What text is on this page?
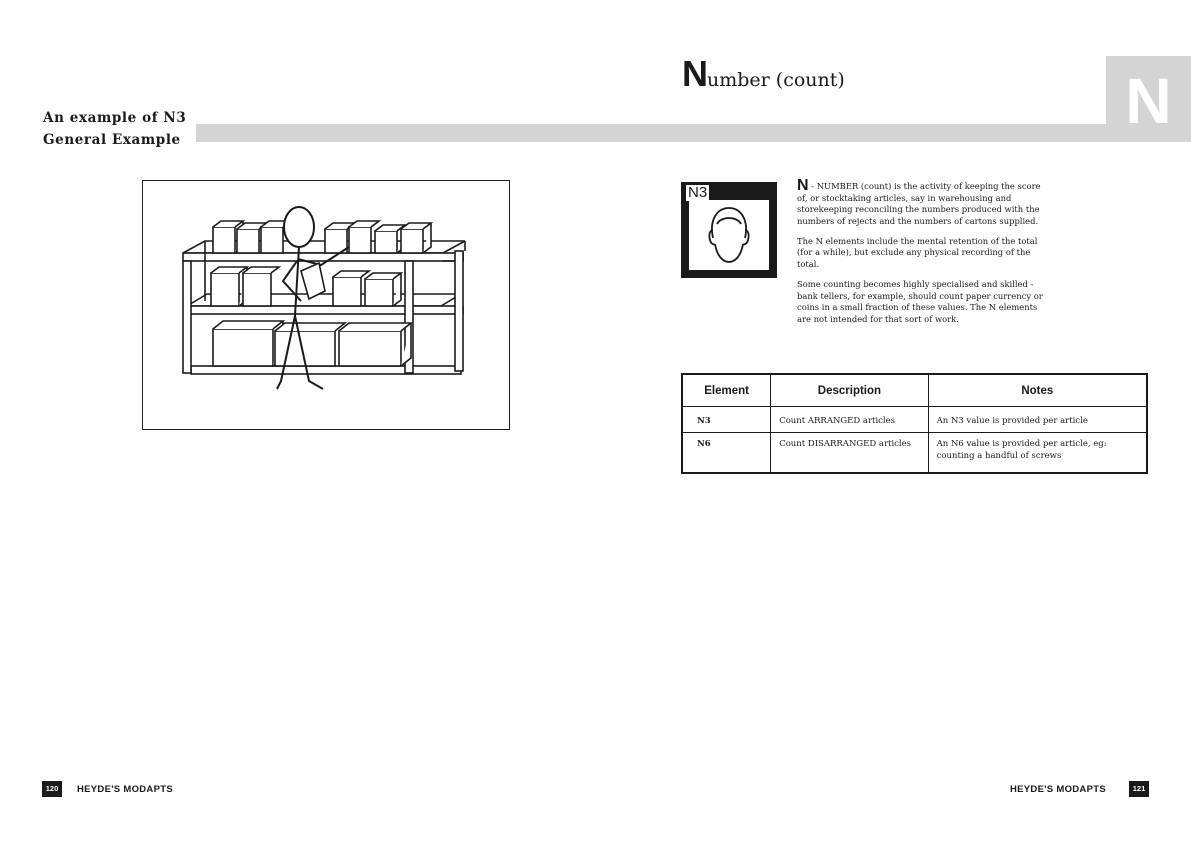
N
An example of N3
General Example
Number (count)
N3	N - NUMBER (count) is the activity of keeping the score of, or stocktaking articles, say in warehousing and storekeeping reconciling the numbers produced with the numbers of rejects and the numbers of cartons supplied.

The N elements include the mental retention of the total (for a while), but exclude any physical recording of the total.

Some counting becomes highly specialised and skilled - bank tellers, for example, should count paper currency or coins in a small fraction of these values. The N elements are not intended for that sort of work.

Element	Description	Notes
N3	Count ARRANGED articles	An N3 value is provided per article
N6	Count DISARRANGED articles	An N6 value is provided per article, eg: counting a handful of screws
120	HEYDE'S MODAPTS	HEYDE'S MODAPTS	121
